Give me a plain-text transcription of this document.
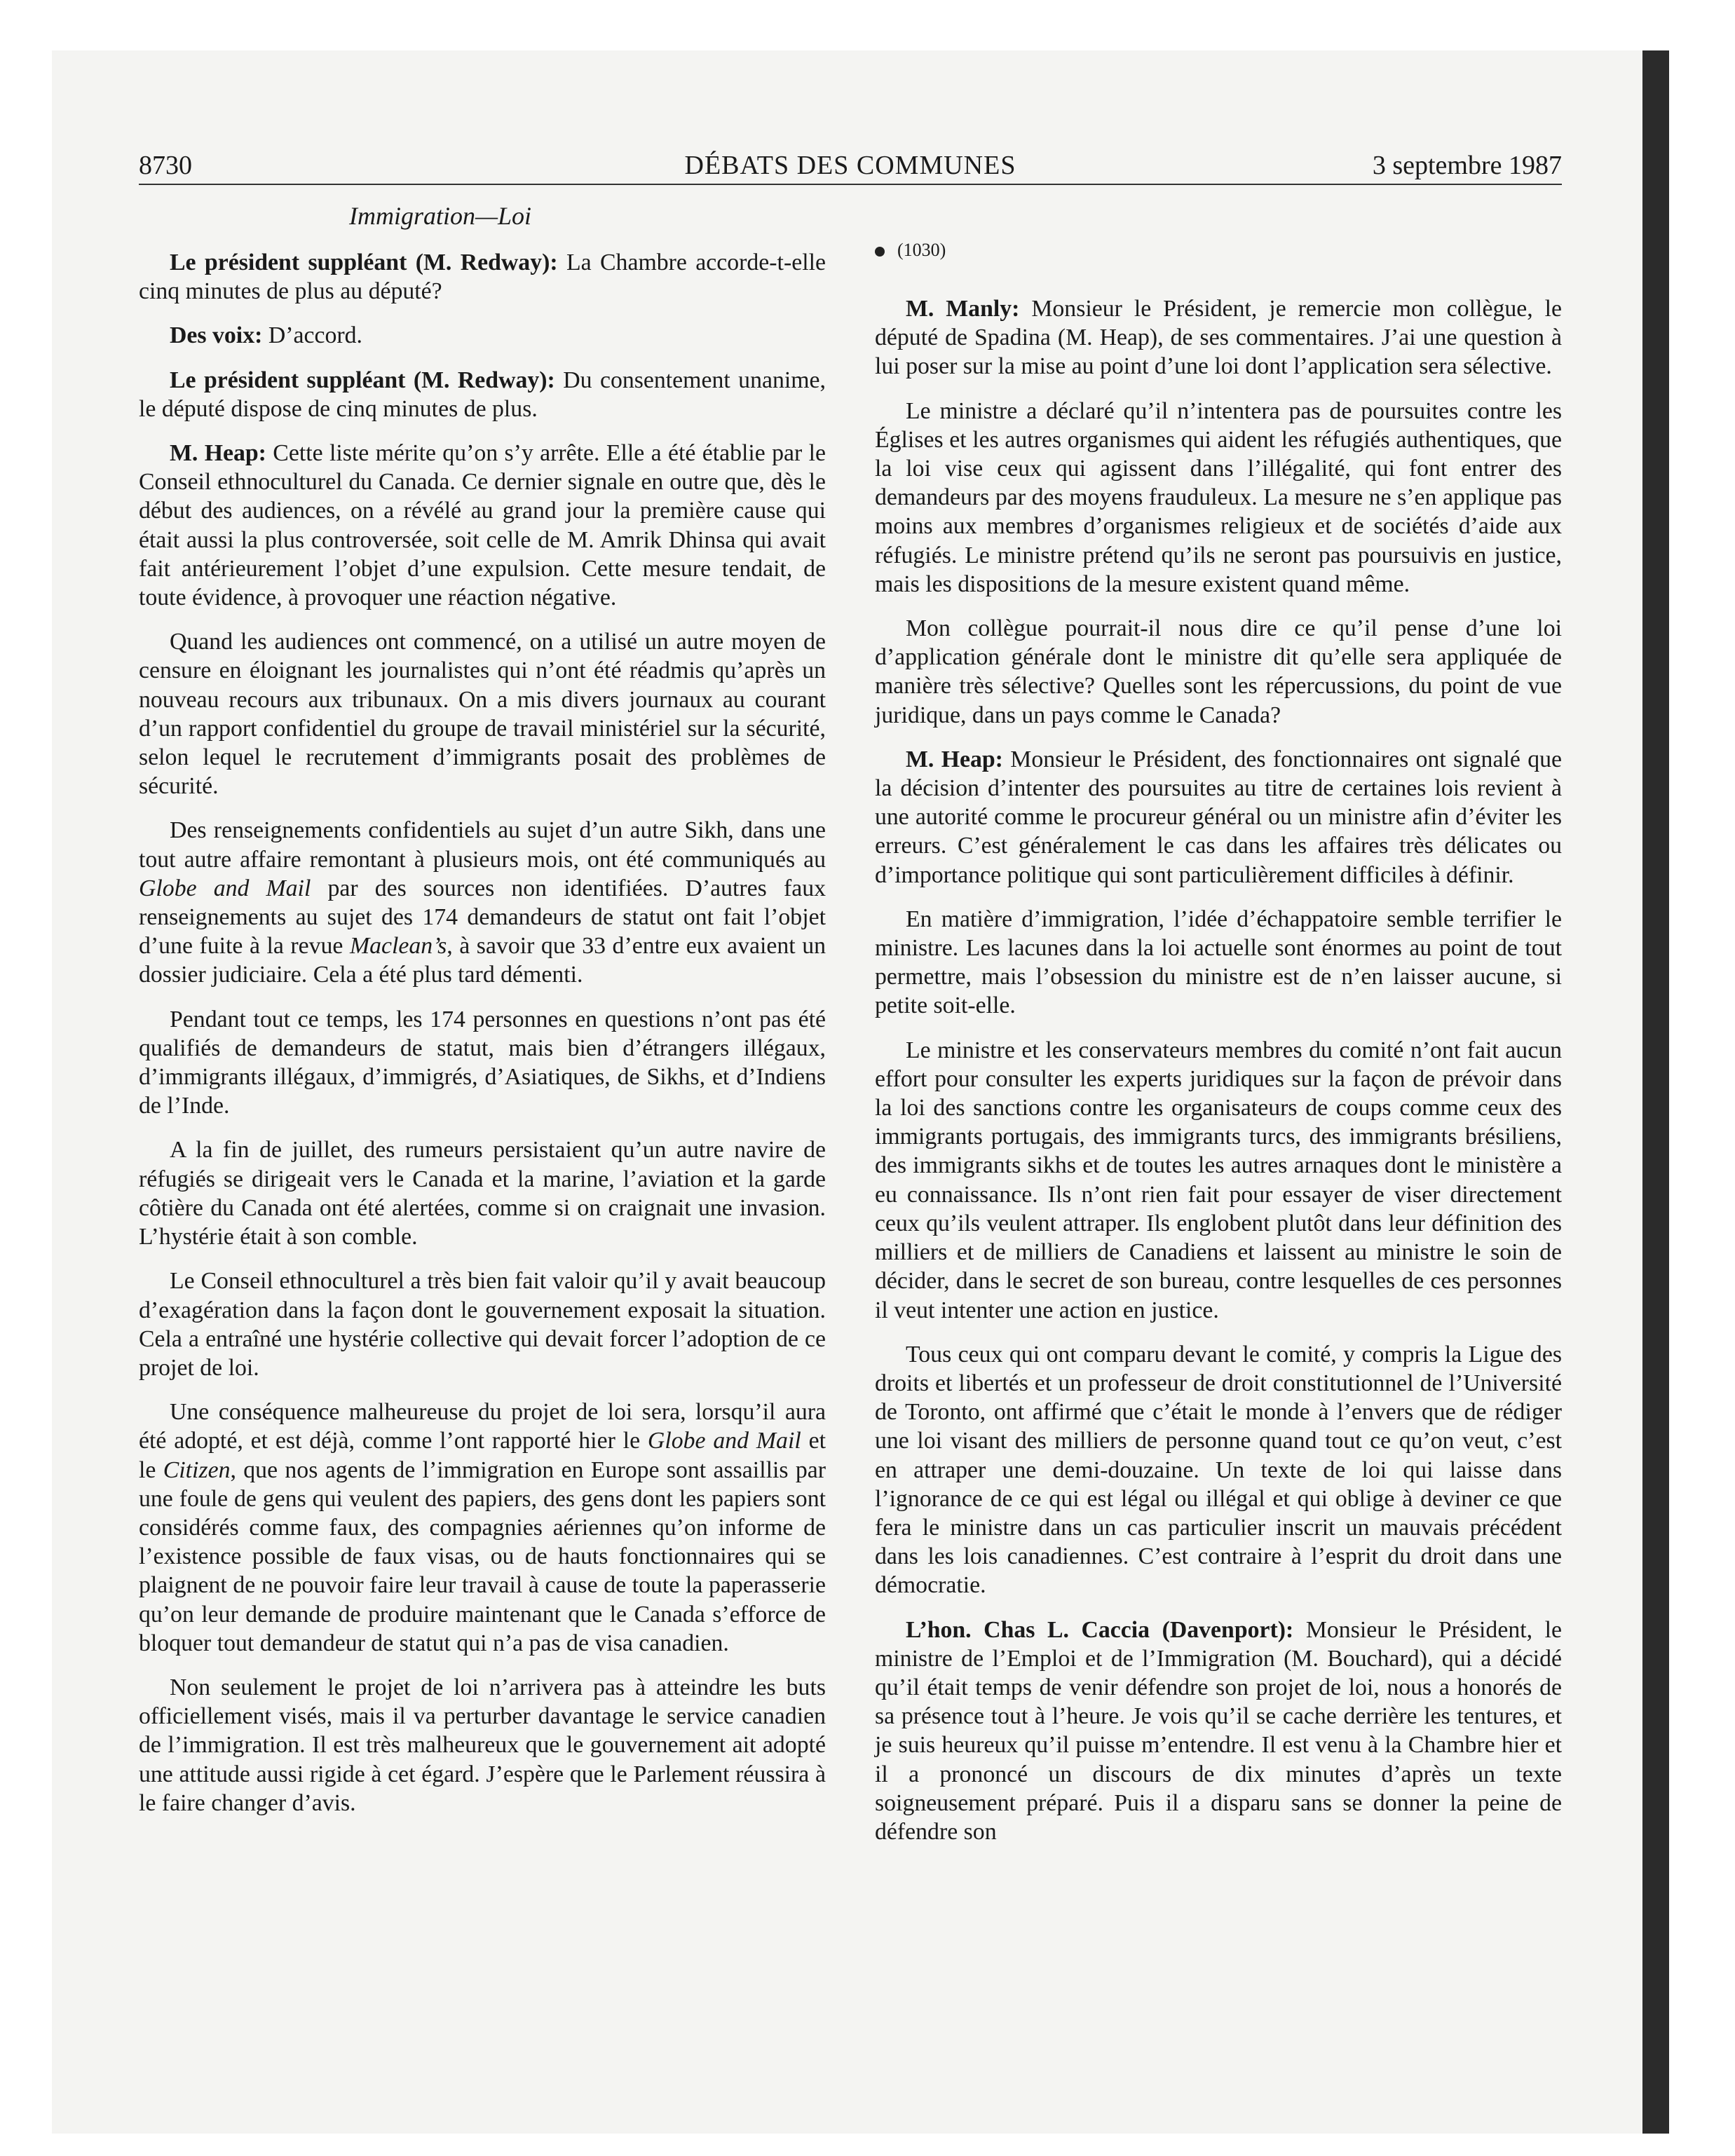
8730	DÉBATS DES COMMUNES	3 septembre 1987
Immigration—Loi

Le président suppléant (M. Redway): La Chambre accorde-t-elle cinq minutes de plus au député?

Des voix: D’accord.

Le président suppléant (M. Redway): Du consentement unanime, le député dispose de cinq minutes de plus.

M. Heap: Cette liste mérite qu’on s’y arrête. Elle a été établie par le Conseil ethnoculturel du Canada. Ce dernier signale en outre que, dès le début des audiences, on a révélé au grand jour la première cause qui était aussi la plus controversée, soit celle de M. Amrik Dhinsa qui avait fait antérieurement l’objet d’une expulsion. Cette mesure tendait, de toute évidence, à provoquer une réaction négative.

Quand les audiences ont commencé, on a utilisé un autre moyen de censure en éloignant les journalistes qui n’ont été réadmis qu’après un nouveau recours aux tribunaux. On a mis divers journaux au courant d’un rapport confidentiel du groupe de travail ministériel sur la sécurité, selon lequel le recrutement d’immigrants posait des problèmes de sécurité.

Des renseignements confidentiels au sujet d’un autre Sikh, dans une tout autre affaire remontant à plusieurs mois, ont été communiqués au Globe and Mail par des sources non identifiées. D’autres faux renseignements au sujet des 174 demandeurs de statut ont fait l’objet d’une fuite à la revue Maclean’s, à savoir que 33 d’entre eux avaient un dossier judiciaire. Cela a été plus tard démenti.

Pendant tout ce temps, les 174 personnes en questions n’ont pas été qualifiés de demandeurs de statut, mais bien d’étrangers illégaux, d’immigrants illégaux, d’immigrés, d’Asiatiques, de Sikhs, et d’Indiens de l’Inde.

A la fin de juillet, des rumeurs persistaient qu’un autre navire de réfugiés se dirigeait vers le Canada et la marine, l’aviation et la garde côtière du Canada ont été alertées, comme si on craignait une invasion. L’hystérie était à son comble.

Le Conseil ethnoculturel a très bien fait valoir qu’il y avait beaucoup d’exagération dans la façon dont le gouvernement exposait la situation. Cela a entraîné une hystérie collective qui devait forcer l’adoption de ce projet de loi.

Une conséquence malheureuse du projet de loi sera, lorsqu’il aura été adopté, et est déjà, comme l’ont rapporté hier le Globe and Mail et le Citizen, que nos agents de l’immigration en Europe sont assaillis par une foule de gens qui veulent des papiers, des gens dont les papiers sont considérés comme faux, des compagnies aériennes qu’on informe de l’existence possible de faux visas, ou de hauts fonctionnaires qui se plaignent de ne pouvoir faire leur travail à cause de toute la paperasserie qu’on leur demande de produire maintenant que le Canada s’efforce de bloquer tout demandeur de statut qui n’a pas de visa canadien.

Non seulement le projet de loi n’arrivera pas à atteindre les buts officiellement visés, mais il va perturber davantage le service canadien de l’immigration. Il est très malheureux que le gouvernement ait adopté une attitude aussi rigide à cet égard. J’espère que le Parlement réussira à le faire changer d’avis.

(1030)

M. Manly: Monsieur le Président, je remercie mon collègue, le député de Spadina (M. Heap), de ses commentaires. J’ai une question à lui poser sur la mise au point d’une loi dont l’application sera sélective.

Le ministre a déclaré qu’il n’intentera pas de poursuites contre les Églises et les autres organismes qui aident les réfugiés authentiques, que la loi vise ceux qui agissent dans l’illégalité, qui font entrer des demandeurs par des moyens frauduleux. La mesure ne s’en applique pas moins aux membres d’organismes religieux et de sociétés d’aide aux réfugiés. Le ministre prétend qu’ils ne seront pas poursuivis en justice, mais les dispositions de la mesure existent quand même.

Mon collègue pourrait-il nous dire ce qu’il pense d’une loi d’application générale dont le ministre dit qu’elle sera appliquée de manière très sélective? Quelles sont les répercussions, du point de vue juridique, dans un pays comme le Canada?

M. Heap: Monsieur le Président, des fonctionnaires ont signalé que la décision d’intenter des poursuites au titre de certaines lois revient à une autorité comme le procureur général ou un ministre afin d’éviter les erreurs. C’est généralement le cas dans les affaires très délicates ou d’importance politique qui sont particulièrement difficiles à définir.

En matière d’immigration, l’idée d’échappatoire semble terrifier le ministre. Les lacunes dans la loi actuelle sont énormes au point de tout permettre, mais l’obsession du ministre est de n’en laisser aucune, si petite soit-elle.

Le ministre et les conservateurs membres du comité n’ont fait aucun effort pour consulter les experts juridiques sur la façon de prévoir dans la loi des sanctions contre les organisateurs de coups comme ceux des immigrants portugais, des immigrants turcs, des immigrants brésiliens, des immigrants sikhs et de toutes les autres arnaques dont le ministère a eu connaissance. Ils n’ont rien fait pour essayer de viser directement ceux qu’ils veulent attraper. Ils englobent plutôt dans leur définition des milliers et de milliers de Canadiens et laissent au ministre le soin de décider, dans le secret de son bureau, contre lesquelles de ces personnes il veut intenter une action en justice.

Tous ceux qui ont comparu devant le comité, y compris la Ligue des droits et libertés et un professeur de droit constitutionnel de l’Université de Toronto, ont affirmé que c’était le monde à l’envers que de rédiger une loi visant des milliers de personne quand tout ce qu’on veut, c’est en attraper une demi-douzaine. Un texte de loi qui laisse dans l’ignorance de ce qui est légal ou illégal et qui oblige à deviner ce que fera le ministre dans un cas particulier inscrit un mauvais précédent dans les lois canadiennes. C’est contraire à l’esprit du droit dans une démocratie.

L’hon. Chas L. Caccia (Davenport): Monsieur le Président, le ministre de l’Emploi et de l’Immigration (M. Bouchard), qui a décidé qu’il était temps de venir défendre son projet de loi, nous a honorés de sa présence tout à l’heure. Je vois qu’il se cache derrière les tentures, et je suis heureux qu’il puisse m’entendre. Il est venu à la Chambre hier et il a prononcé un discours de dix minutes d’après un texte soigneusement préparé. Puis il a disparu sans se donner la peine de défendre son
